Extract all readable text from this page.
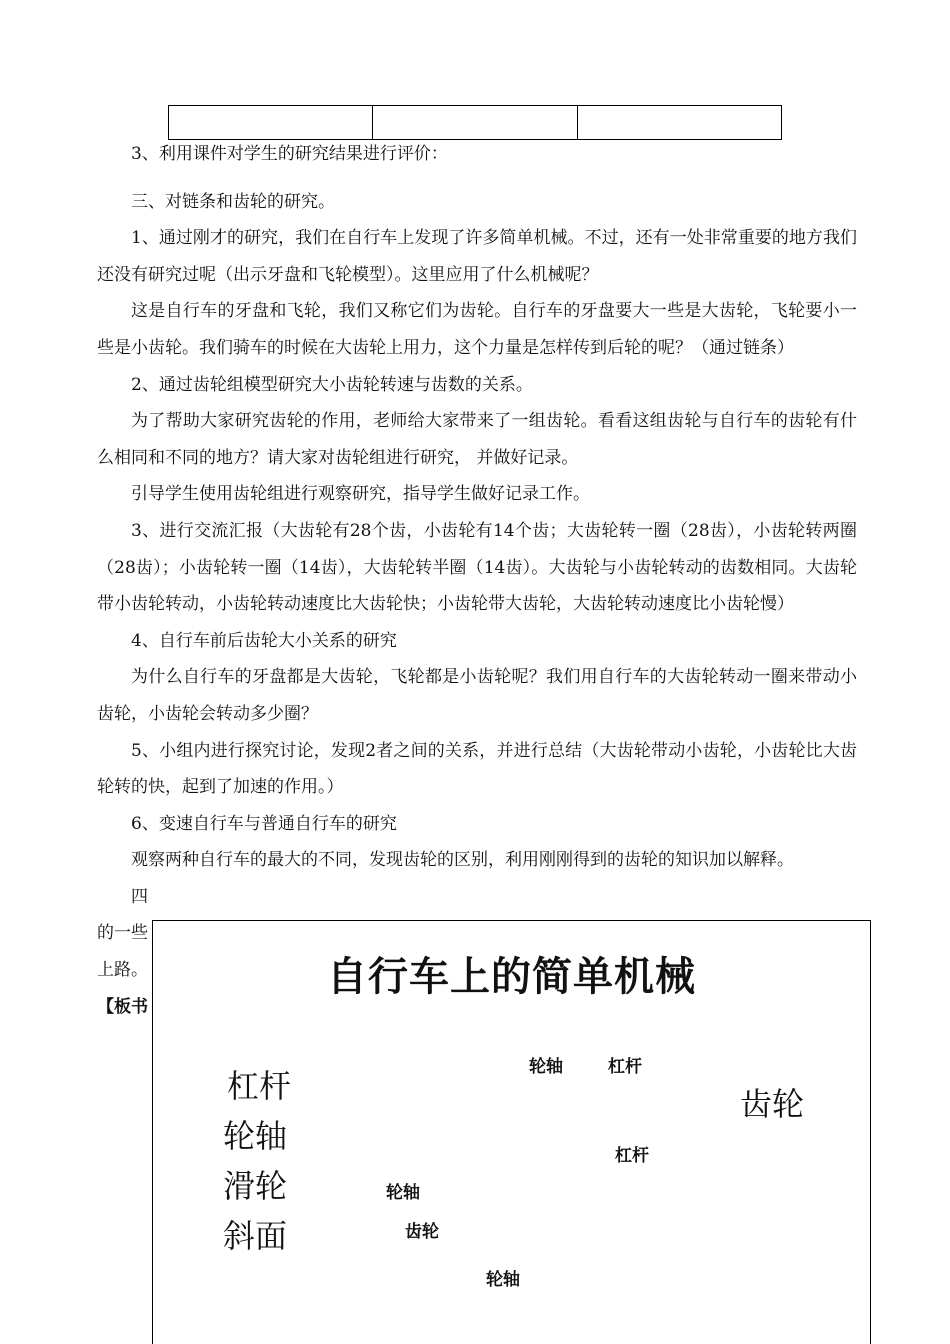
3、利用课件对学生的研究结果进行评价：

三、对链条和齿轮的研究。

1、通过刚才的研究，我们在自行车上发现了许多简单机械。不过，还有一处非常重要的地方我们还没有研究过呢（出示牙盘和飞轮模型）。这里应用了什么机械呢？

这是自行车的牙盘和飞轮，我们又称它们为齿轮。自行车的牙盘要大一些是大齿轮，飞轮要小一些是小齿轮。我们骑车的时候在大齿轮上用力，这个力量是怎样传到后轮的呢？（通过链条）

2、通过齿轮组模型研究大小齿轮转速与齿数的关系。

为了帮助大家研究齿轮的作用，老师给大家带来了一组齿轮。看看这组齿轮与自行车的齿轮有什么相同和不同的地方？请大家对齿轮组进行研究， 并做好记录。

引导学生使用齿轮组进行观察研究，指导学生做好记录工作。

3、进行交流汇报（大齿轮有28个齿，小齿轮有14个齿；大齿轮转一圈（28齿），小齿轮转两圈（28齿）；小齿轮转一圈（14齿），大齿轮转半圈（14齿）。大齿轮与小齿轮转动的齿数相同。大齿轮带小齿轮转动，小齿轮转动速度比大齿轮快；小齿轮带大齿轮，大齿轮转动速度比小齿轮慢）

4、自行车前后齿轮大小关系的研究

为什么自行车的牙盘都是大齿轮，飞轮都是小齿轮呢？我们用自行车的大齿轮转动一圈来带动小齿轮，小齿轮会转动多少圈？

5、小组内进行探究讨论，发现2者之间的关系，并进行总结（大齿轮带动小齿轮，小齿轮比大齿轮转的快，起到了加速的作用。）

6、变速自行车与普通自行车的研究

观察两种自行车的最大的不同，发现齿轮的区别，利用刚刚得到的齿轮的知识加以解释。

四

的一些

上路。

【板书

自行车上的简单机械
杠杆
轮轴
滑轮
斜面
齿轮
轮轴	杠杆
杠杆
轮轴
齿轮
轮轴
